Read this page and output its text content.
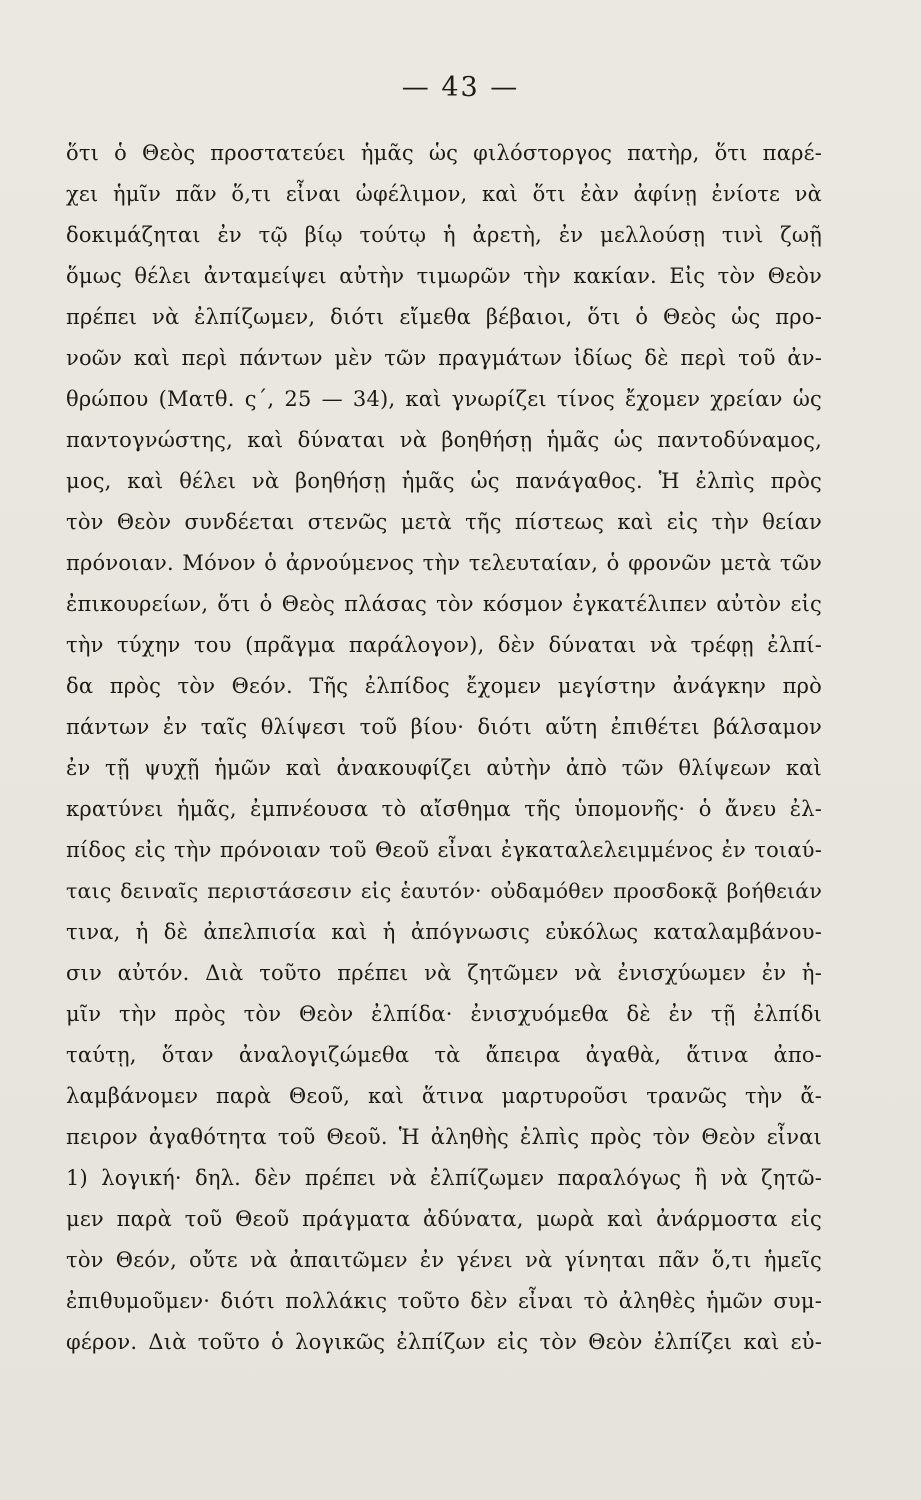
— 43 —
ὅτι ὁ Θεὸς προστατεύει ἡμᾶς ὡς φιλόστοργος πατὴρ, ὅτι παρέ-
χει ἡμῖν πᾶν ὅ,τι εἶναι ὠφέλιμον, καὶ ὅτι ἐὰν ἀφίνῃ ἐνίοτε νὰ
δοκιμάζηται ἐν τῷ βίῳ τούτῳ ἡ ἀρετὴ, ἐν μελλούσῃ τινὶ ζωῇ
ὅμως θέλει ἀνταμείψει αὐτὴν τιμωρῶν τὴν κακίαν. Εἰς τὸν Θεὸν
πρέπει νὰ ἐλπίζωμεν, διότι εἴμεθα βέβαιοι, ὅτι ὁ Θεὸς ὡς προ-
νοῶν καὶ περὶ πάντων μὲν τῶν πραγμάτων ἰδίως δὲ περὶ τοῦ ἀν-
θρώπου (Ματθ. ς΄, 25 — 34), καὶ γνωρίζει τίνος ἔχομεν χρείαν ὡς
παντογνώστης, καὶ δύναται νὰ βοηθήσῃ ἡμᾶς ὡς παντοδύναμος,
μος, καὶ θέλει νὰ βοηθήσῃ ἡμᾶς ὡς πανάγαθος. Ἡ ἐλπὶς πρὸς
τὸν Θεὸν συνδέεται στενῶς μετὰ τῆς πίστεως καὶ εἰς τὴν θείαν
πρόνοιαν. Μόνον ὁ ἀρνούμενος τὴν τελευταίαν, ὁ φρονῶν μετὰ τῶν
ἐπικουρείων, ὅτι ὁ Θεὸς πλάσας τὸν κόσμον ἐγκατέλιπεν αὐτὸν εἰς
τὴν τύχην του (πρᾶγμα παράλογον), δὲν δύναται νὰ τρέφῃ ἐλπί-
δα πρὸς τὸν Θεόν. Τῆς ἐλπίδος ἔχομεν μεγίστην ἀνάγκην πρὸ
πάντων ἐν ταῖς θλίψεσι τοῦ βίου· διότι αὕτη ἐπιθέτει βάλσαμον
ἐν τῇ ψυχῇ ἡμῶν καὶ ἀνακουφίζει αὐτὴν ἀπὸ τῶν θλίψεων καὶ
κρατύνει ἡμᾶς, ἐμπνέουσα τὸ αἴσθημα τῆς ὑπομονῆς· ὁ ἄνευ ἐλ-
πίδος εἰς τὴν πρόνοιαν τοῦ Θεοῦ εἶναι ἐγκαταλελειμμένος ἐν τοιαύ-
ταις δειναῖς περιστάσεσιν εἰς ἑαυτόν· οὐδαμόθεν προσδοκᾷ βοήθειάν
τινα, ἡ δὲ ἀπελπισία καὶ ἡ ἀπόγνωσις εὐκόλως καταλαμβάνου-
σιν αὐτόν. Διὰ τοῦτο πρέπει νὰ ζητῶμεν νὰ ἐνισχύωμεν ἐν ἡ-
μῖν τὴν πρὸς τὸν Θεὸν ἐλπίδα· ἐνισχυόμεθα δὲ ἐν τῇ ἐλπίδι
ταύτῃ, ὅταν ἀναλογιζώμεθα τὰ ἄπειρα ἀγαθὰ, ἅτινα ἀπο-
λαμβάνομεν παρὰ Θεοῦ, καὶ ἅτινα μαρτυροῦσι τρανῶς τὴν ἄ-
πειρον ἀγαθότητα τοῦ Θεοῦ. Ἡ ἀληθὴς ἐλπὶς πρὸς τὸν Θεὸν εἶναι
1) λογική· δηλ. δὲν πρέπει νὰ ἐλπίζωμεν παραλόγως ἢ νὰ ζητῶ-
μεν παρὰ τοῦ Θεοῦ πράγματα ἀδύνατα, μωρὰ καὶ ἀνάρμοστα εἰς
τὸν Θεόν, οὔτε νὰ ἀπαιτῶμεν ἐν γένει νὰ γίνηται πᾶν ὅ,τι ἡμεῖς
ἐπιθυμοῦμεν· διότι πολλάκις τοῦτο δὲν εἶναι τὸ ἀληθὲς ἡμῶν συμ-
φέρον. Διὰ τοῦτο ὁ λογικῶς ἐλπίζων εἰς τὸν Θεὸν ἐλπίζει καὶ εὐ-
